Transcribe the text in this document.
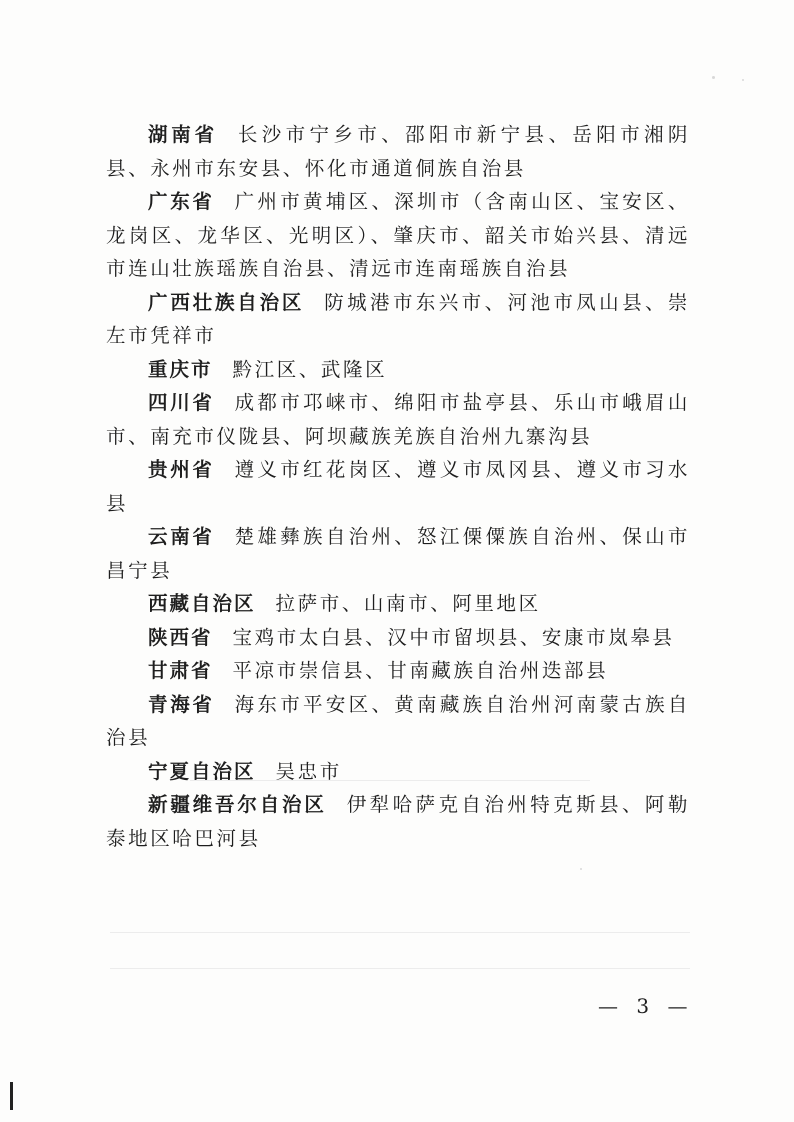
湖南省 长沙市宁乡市、邵阳市新宁县、岳阳市湘阴县、永州市东安县、怀化市通道侗族自治县

广东省 广州市黄埔区、深圳市（含南山区、宝安区、龙岗区、龙华区、光明区）、肇庆市、韶关市始兴县、清远市连山壮族瑶族自治县、清远市连南瑶族自治县

广西壮族自治区 防城港市东兴市、河池市凤山县、崇左市凭祥市

重庆市 黔江区、武隆区

四川省 成都市邛崃市、绵阳市盐亭县、乐山市峨眉山市、南充市仪陇县、阿坝藏族羌族自治州九寨沟县

贵州省 遵义市红花岗区、遵义市凤冈县、遵义市习水县

云南省 楚雄彝族自治州、怒江傈僳族自治州、保山市昌宁县

西藏自治区 拉萨市、山南市、阿里地区

陕西省 宝鸡市太白县、汉中市留坝县、安康市岚皋县

甘肃省 平凉市崇信县、甘南藏族自治州迭部县

青海省 海东市平安区、黄南藏族自治州河南蒙古族自治县

宁夏自治区 吴忠市

新疆维吾尔自治区 伊犁哈萨克自治州特克斯县、阿勒泰地区哈巴河县

— 3 —
